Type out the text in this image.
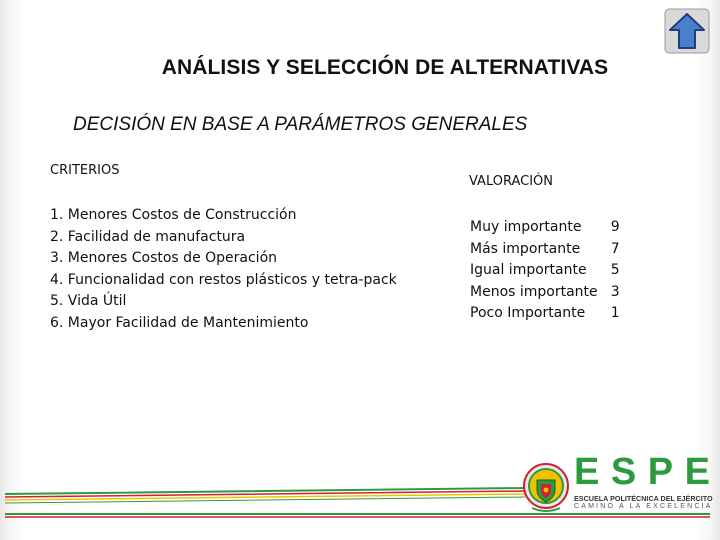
ANÁLISIS Y SELECCIÓN DE ALTERNATIVAS
DECISIÓN EN BASE A PARÁMETROS GENERALES
CRITERIOS
1. Menores Costos de Construcción
2. Facilidad de manufactura
3. Menores Costos de Operación
4. Funcionalidad con restos plásticos y tetra-pack
5. Vida Útil
6. Mayor Facilidad de Mantenimiento
VALORACIÓN
Muy importante	9
Más importante	7
Igual importante	5
Menos importante	3
Poco Importante	1
E S P E
ESCUELA POLITÉCNICA DEL EJÉRCITO
CAMINO A LA EXCELENCIA
